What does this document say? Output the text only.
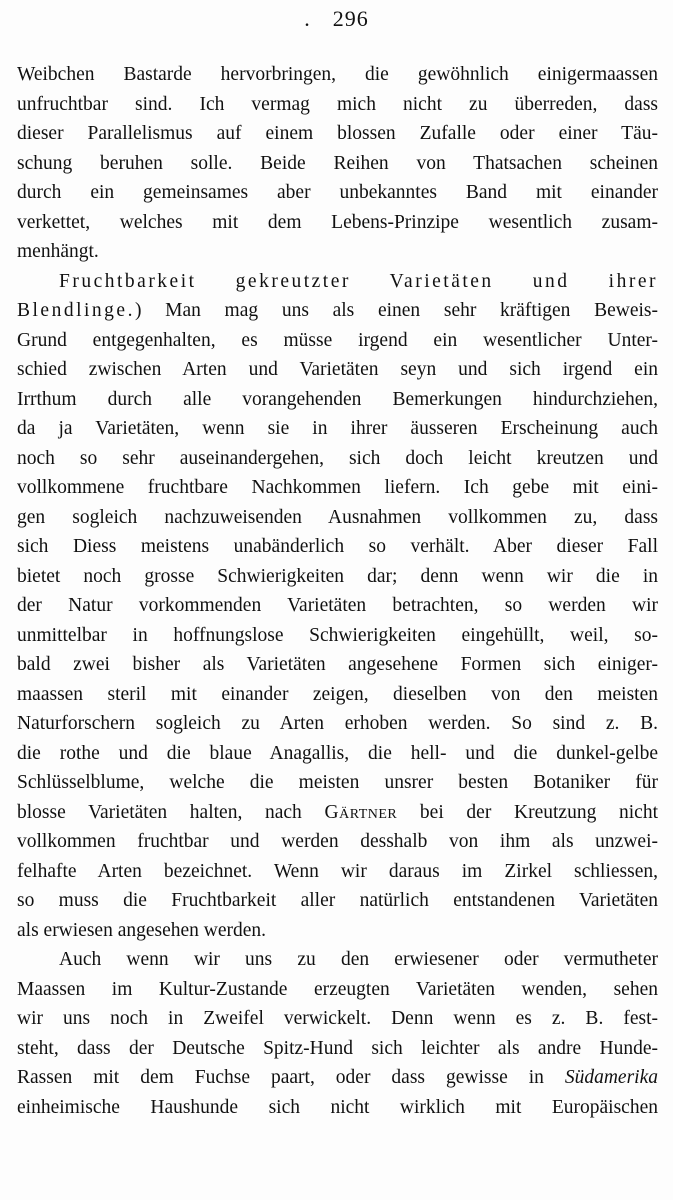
. 296
Weibchen Bastarde hervorbringen, die gewöhnlich einigermaassen
unfruchtbar sind. Ich vermag mich nicht zu überreden, dass
dieser Parallelismus auf einem blossen Zufalle oder einer Täu-
schung beruhen solle. Beide Reihen von Thatsachen scheinen
durch ein gemeinsames aber unbekanntes Band mit einander
verkettet, welches mit dem Lebens-Prinzipe wesentlich zusam-
menhängt.
Fruchtbarkeit gekreutzter Varietäten und ihrer
Blendlinge.) Man mag uns als einen sehr kräftigen Beweis-
Grund entgegenhalten, es müsse irgend ein wesentlicher Unter-
schied zwischen Arten und Varietäten seyn und sich irgend ein
Irrthum durch alle vorangehenden Bemerkungen hindurchziehen,
da ja Varietäten, wenn sie in ihrer äusseren Erscheinung auch
noch so sehr auseinandergehen, sich doch leicht kreutzen und
vollkommene fruchtbare Nachkommen liefern. Ich gebe mit eini-
gen sogleich nachzuweisenden Ausnahmen vollkommen zu, dass
sich Diess meistens unabänderlich so verhält. Aber dieser Fall
bietet noch grosse Schwierigkeiten dar; denn wenn wir die in
der Natur vorkommenden Varietäten betrachten, so werden wir
unmittelbar in hoffnungslose Schwierigkeiten eingehüllt, weil, so-
bald zwei bisher als Varietäten angesehene Formen sich einiger-
maassen steril mit einander zeigen, dieselben von den meisten
Naturforschern sogleich zu Arten erhoben werden. So sind z. B.
die rothe und die blaue Anagallis, die hell- und die dunkel-gelbe
Schlüsselblume, welche die meisten unsrer besten Botaniker für
blosse Varietäten halten, nach Gärtner bei der Kreutzung nicht
vollkommen fruchtbar und werden desshalb von ihm als unzwei-
felhafte Arten bezeichnet. Wenn wir daraus im Zirkel schliessen,
so muss die Fruchtbarkeit aller natürlich entstandenen Varietäten
als erwiesen angesehen werden.
Auch wenn wir uns zu den erwiesener oder vermutheter
Maassen im Kultur-Zustande erzeugten Varietäten wenden, sehen
wir uns noch in Zweifel verwickelt. Denn wenn es z. B. fest-
steht, dass der Deutsche Spitz-Hund sich leichter als andre Hunde-
Rassen mit dem Fuchse paart, oder dass gewisse in Südamerika
einheimische Haushunde sich nicht wirklich mit Europäischen
